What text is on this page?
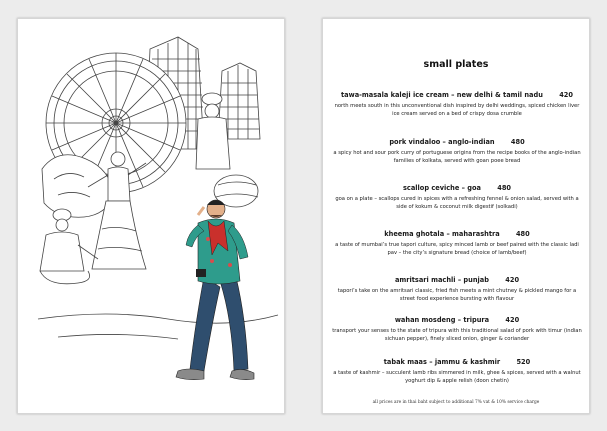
small plates
tawa-masala kaleji ice cream – new delhi & tamil nadu 420
north meets south in this unconventional dish inspired by delhi weddings, spiced chicken liver ice cream served on a bed of crispy dosa crumble
pork vindaloo – anglo-indian 480
a spicy hot and sour pork curry of portuguese origins from the recipe books of the anglo-indian families of kolkata, served with goan poee bread
scallop ceviche – goa 480
goa on a plate – scallops cured in spices with a refreshing fennel & onion salad, served with a side of kokum & coconut milk digestif (solkadi)
kheema ghotala – maharashtra 480
a taste of mumbai’s true tapori culture, spicy minced lamb or beef paired with the classic ladi pav – the city’s signature bread (choice of lamb/beef)
amritsari machli – punjab 420
tapori’s take on the amritsari classic, fried fish meets a mint chutney & pickled mango for a street food experience bursting with flavour
wahan mosdeng – tripura 420
transport your senses to the state of tripura with this traditional salad of pork with timur (indian sichuan pepper), finely sliced onion, ginger & coriander
tabak maas – jammu & kashmir 520
a taste of kashmir – succulent lamb ribs simmered in milk, ghee & spices, served with a walnut yoghurt dip & apple relish (doon chetin)
all prices are in thai baht subject to additional 7% vat & 10% service charge
